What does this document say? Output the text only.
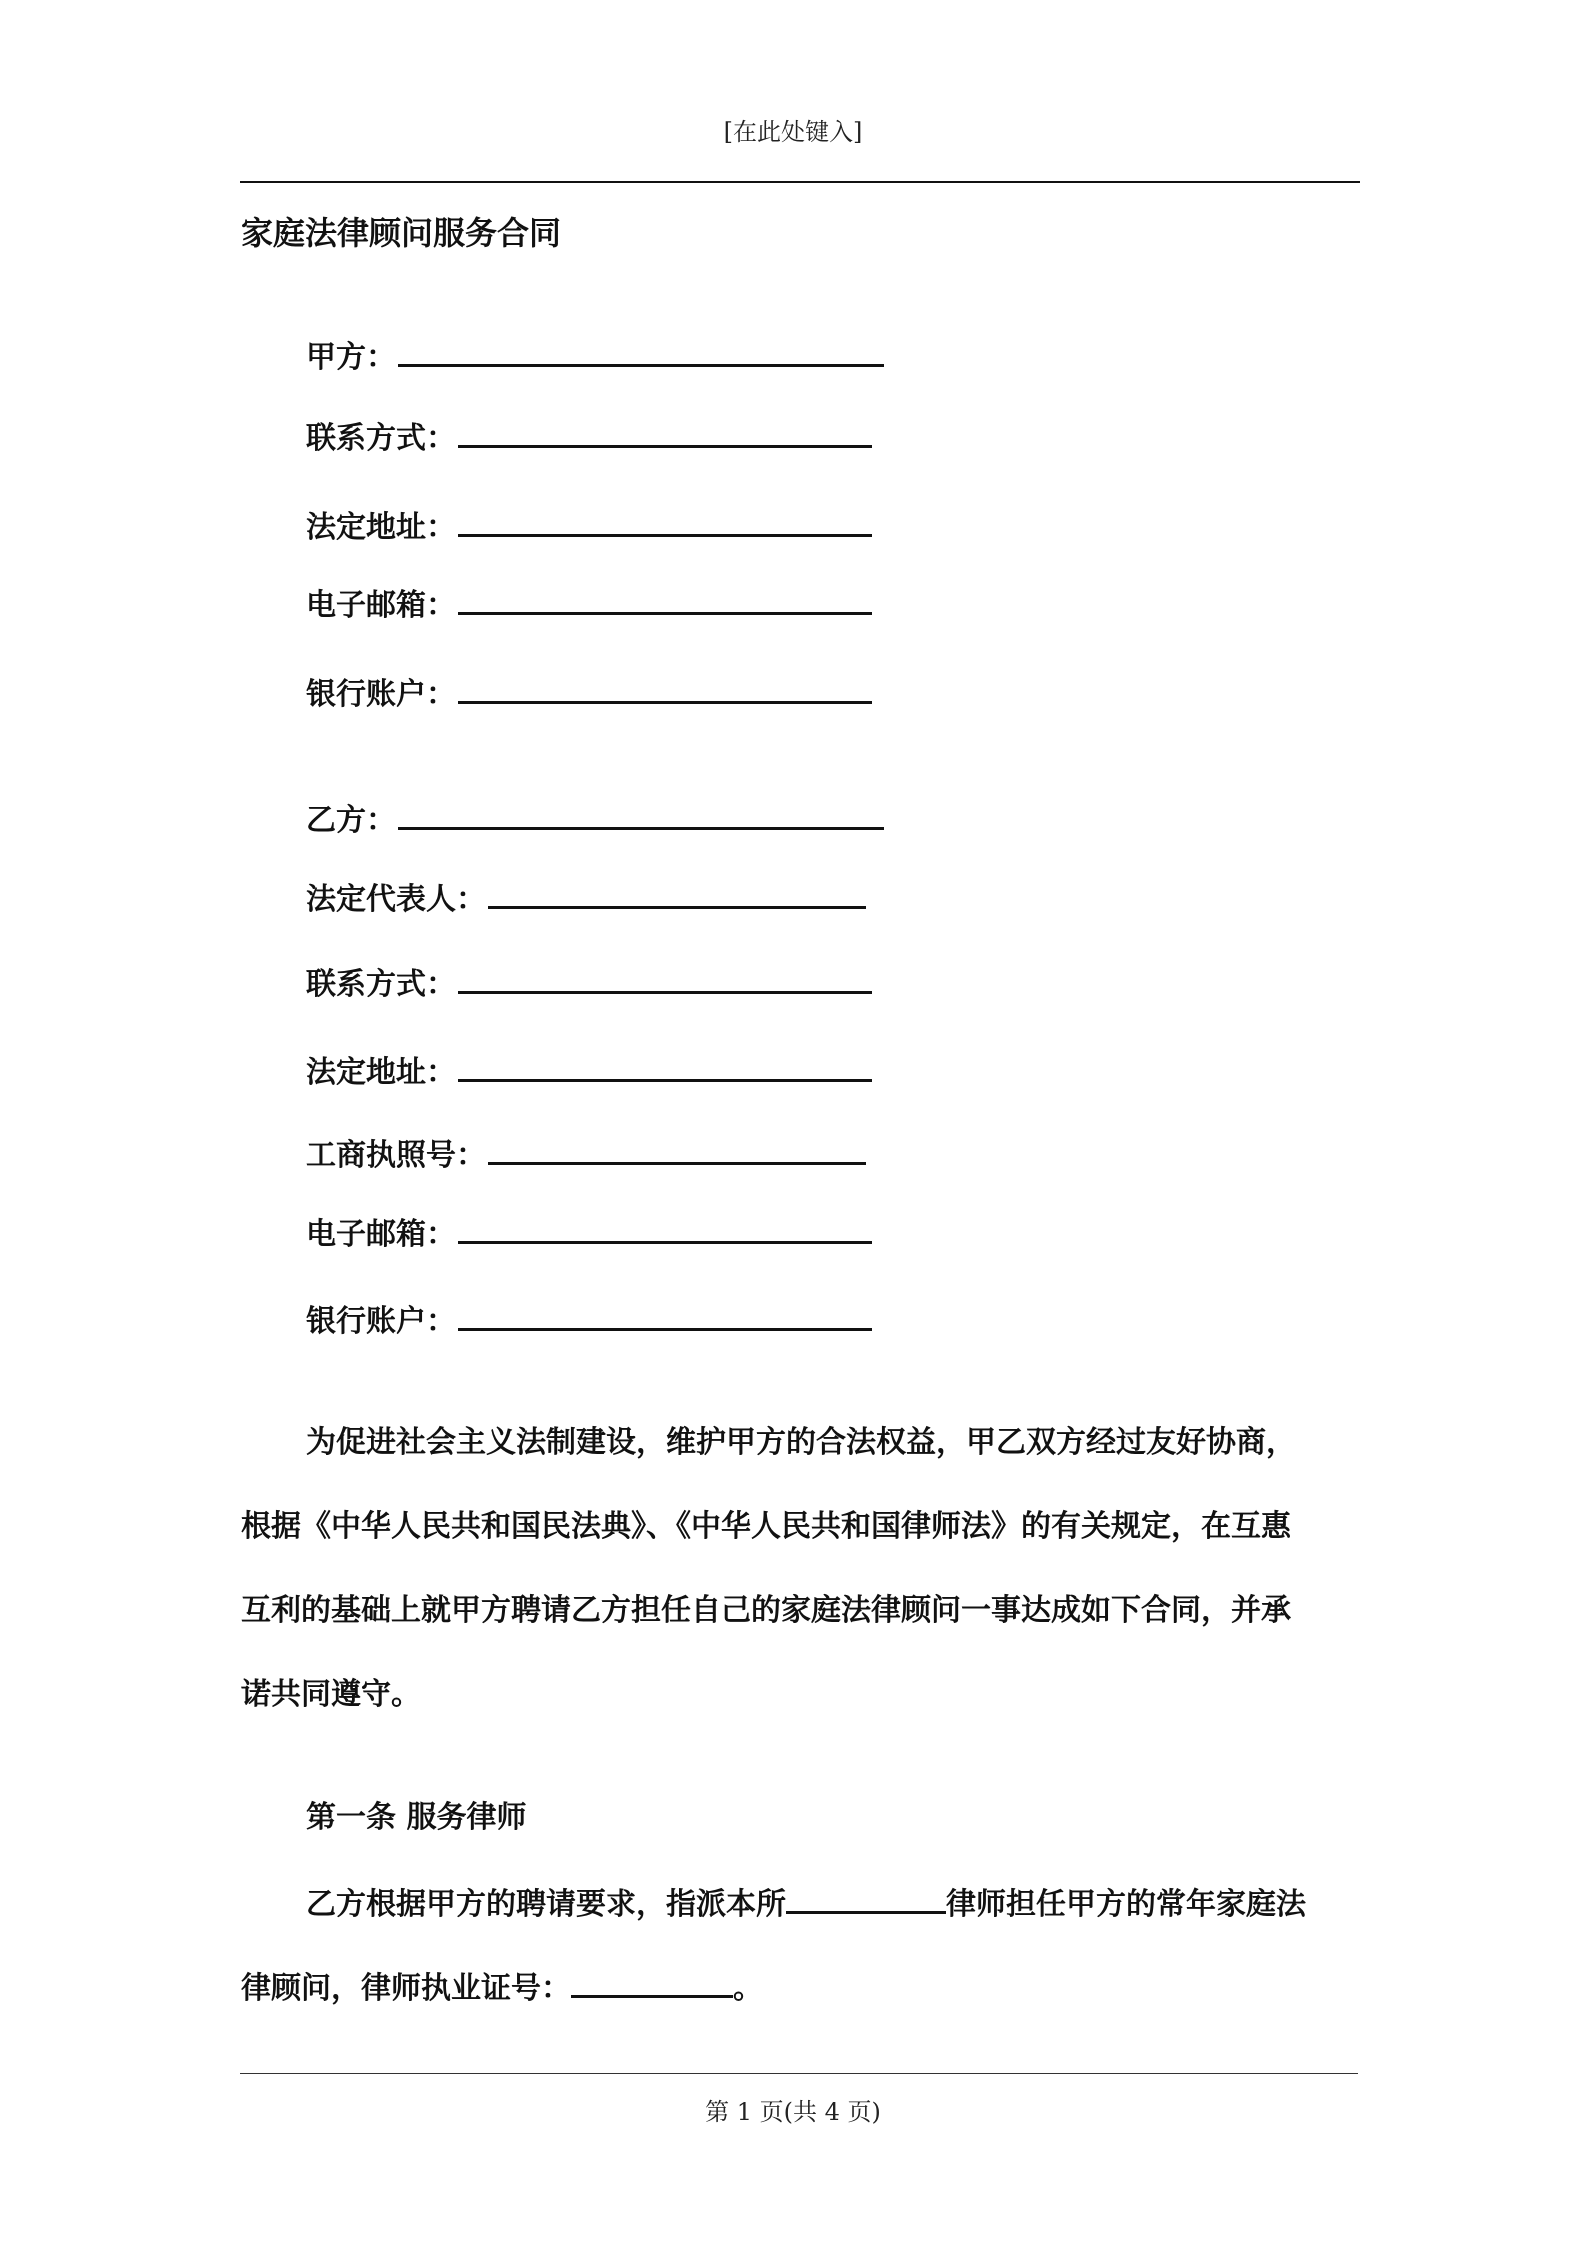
[在此处键入]
家庭法律顾问服务合同
甲方：
联系方式：
法定地址：
电子邮箱：
银行账户：
乙方：
法定代表人：
联系方式：
法定地址：
工商执照号：
电子邮箱：
银行账户：
为促进社会主义法制建设，维护甲方的合法权益，甲乙双方经过友好协商，
根据《中华人民共和国民法典》、《中华人民共和国律师法》的有关规定，在互惠
互利的基础上就甲方聘请乙方担任自己的家庭法律顾问一事达成如下合同，并承
诺共同遵守。
第一条 服务律师
乙方根据甲方的聘请要求，指派本所	律师担任甲方的常年家庭法
律顾问，律师执业证号：	。
第 1 页(共 4 页)
